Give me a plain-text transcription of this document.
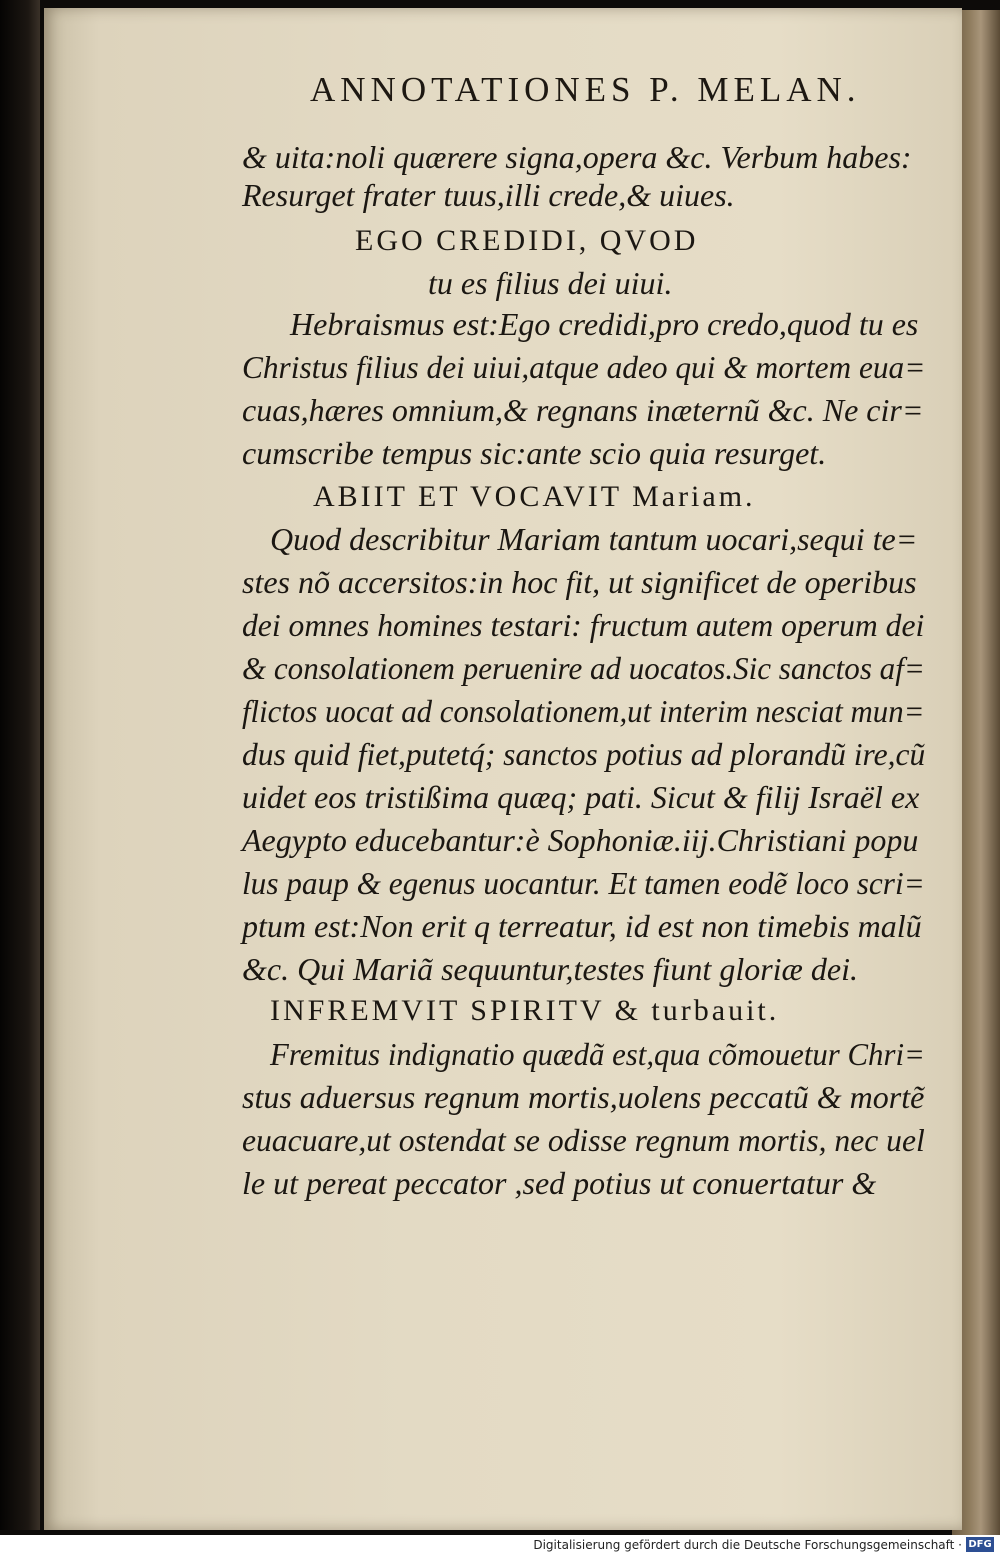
ANNOTATIONES P. MELAN.
& uita:noli quærere signa,opera &c. Verbum habes:
Resurget frater tuus,illi crede,& uiues.
EGO CREDIDI, QVOD
tu es filius dei uiui.
Hebraismus est:Ego credidi,pro credo,quod tu es
Christus filius dei uiui,atque adeo qui & mortem eua=
cuas,hæres omnium,& regnans inæternũ &c. Ne cir=
cumscribe tempus sic:ante scio quia resurget.
ABIIT ET VOCAVIT Mariam.
Quod describitur Mariam tantum uocari,sequi te=
stes nõ accersitos:in hoc fit, ut significet de operibus
dei omnes homines testari: fructum autem operum dei
& consolationem peruenire ad uocatos.Sic sanctos af=
flictos uocat ad consolationem,ut interim nesciat mun=
dus quid fiet,putetq́; sanctos potius ad plorandũ ire,cũ
uidet eos tristißima quæq; pati. Sicut & filij Israël ex
Aegypto educebantur:è Sophoniæ.iij.Christiani popu
lus paup & egenus uocantur. Et tamen eodẽ loco scri=
ptum est:Non erit q terreatur, id est non timebis malũ
&c. Qui Mariã sequuntur,testes fiunt gloriæ dei.
INFREMVIT SPIRITV & turbauit.
Fremitus indignatio quædã est,qua cõmouetur Chri=
stus aduersus regnum mortis,uolens peccatũ & mortẽ
euacuare,ut ostendat se odisse regnum mortis, nec uel
le ut pereat peccator ,sed potius ut conuertatur &
Digitalisierung gefördert durch die Deutsche Forschungsgemeinschaft · DFG
